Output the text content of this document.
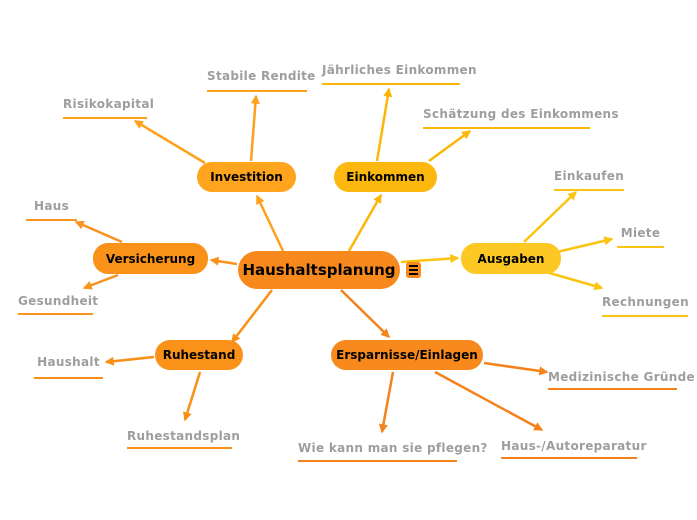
Haushaltsplanung
Investition	Einkommen
Ausgaben
Versicherung
Ruhestand	Ersparnisse/Einlagen
Stabile Rendite
Risikokapital
Jährliches Einkommen
Schätzung des Einkommens
Einkaufen
Miete
Rechnungen
Haus
Gesundheit
Haushalt
Ruhestandsplan
Wie kann man sie pflegen? Haus-/Autoreparatur
Medizinische Gründe
